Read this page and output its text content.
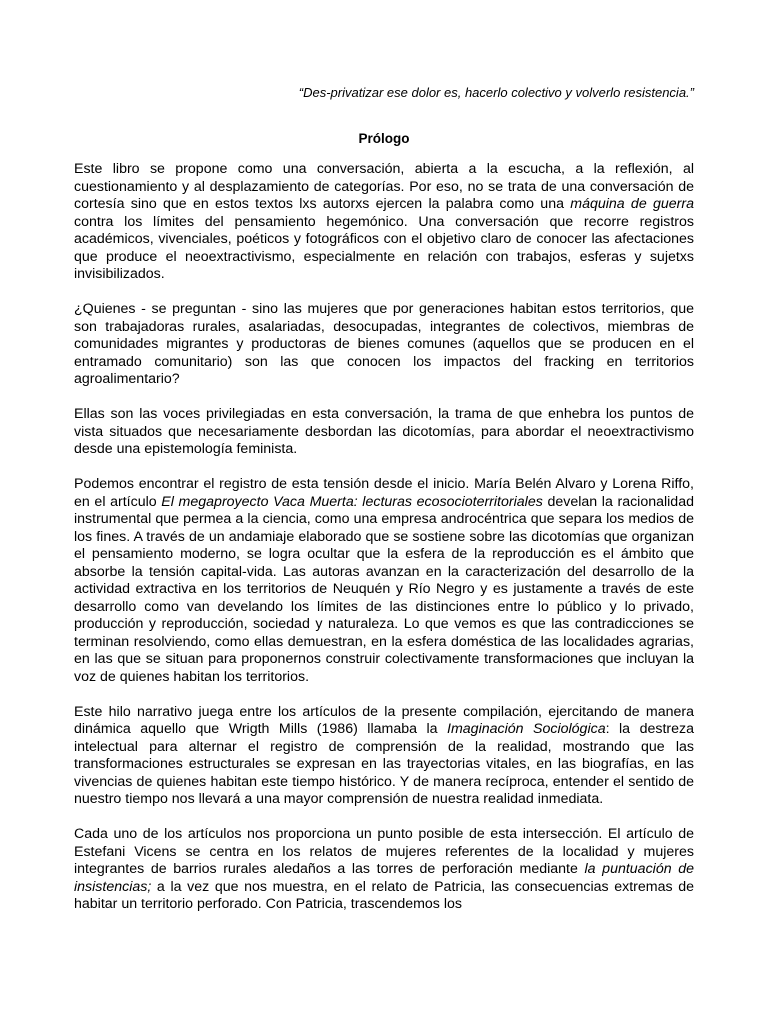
“Des-privatizar ese dolor es, hacerlo colectivo y volverlo resistencia.”

Prólogo

Este libro se propone como una conversación, abierta a la escucha, a la reflexión, al cuestionamiento y al desplazamiento de categorías. Por eso, no se trata de una conversación de cortesía sino que en estos textos lxs autorxs ejercen la palabra como una máquina de guerra contra los límites del pensamiento hegemónico. Una conversación que recorre registros académicos, vivenciales, poéticos y fotográficos con el objetivo claro de conocer las afectaciones que produce el neoextractivismo, especialmente en relación con trabajos, esferas y sujetxs invisibilizados.

¿Quienes - se preguntan - sino las mujeres que por generaciones habitan estos territorios, que son trabajadoras rurales, asalariadas, desocupadas, integrantes de colectivos, miembras de comunidades migrantes y productoras de bienes comunes (aquellos que se producen en el entramado comunitario) son las que conocen los impactos del fracking en territorios agroalimentario?

Ellas son las voces privilegiadas en esta conversación, la trama de que enhebra los puntos de vista situados que necesariamente desbordan las dicotomías, para abordar el neoextractivismo desde una epistemología feminista.

Podemos encontrar el registro de esta tensión desde el inicio. María Belén Alvaro y Lorena Riffo, en el artículo El megaproyecto Vaca Muerta: lecturas ecosocioterritoriales develan la racionalidad instrumental que permea a la ciencia, como una empresa androcéntrica que separa los medios de los fines. A través de un andamiaje elaborado que se sostiene sobre las dicotomías que organizan el pensamiento moderno, se logra ocultar que la esfera de la reproducción es el ámbito que absorbe la tensión capital-vida. Las autoras avanzan en la caracterización del desarrollo de la actividad extractiva en los territorios de Neuquén y Río Negro y es justamente a través de este desarrollo como van develando los límites de las distinciones entre lo público y lo privado, producción y reproducción, sociedad y naturaleza. Lo que vemos es que las contradicciones se terminan resolviendo, como ellas demuestran, en la esfera doméstica de las localidades agrarias, en las que se situan para proponernos construir colectivamente transformaciones que incluyan la voz de quienes habitan los territorios.

Este hilo narrativo juega entre los artículos de la presente compilación, ejercitando de manera dinámica aquello que Wrigth Mills (1986) llamaba la Imaginación Sociológica: la destreza intelectual para alternar el registro de comprensión de la realidad, mostrando que las transformaciones estructurales se expresan en las trayectorias vitales, en las biografías, en las vivencias de quienes habitan este tiempo histórico. Y de manera recíproca, entender el sentido de nuestro tiempo nos llevará a una mayor comprensión de nuestra realidad inmediata.

Cada uno de los artículos nos proporciona un punto posible de esta intersección. El artículo de Estefani Vicens se centra en los relatos de mujeres referentes de la localidad y mujeres integrantes de barrios rurales aledaños a las torres de perforación mediante la puntuación de insistencias; a la vez que nos muestra, en el relato de Patricia, las consecuencias extremas de habitar un territorio perforado. Con Patricia, trascendemos los
